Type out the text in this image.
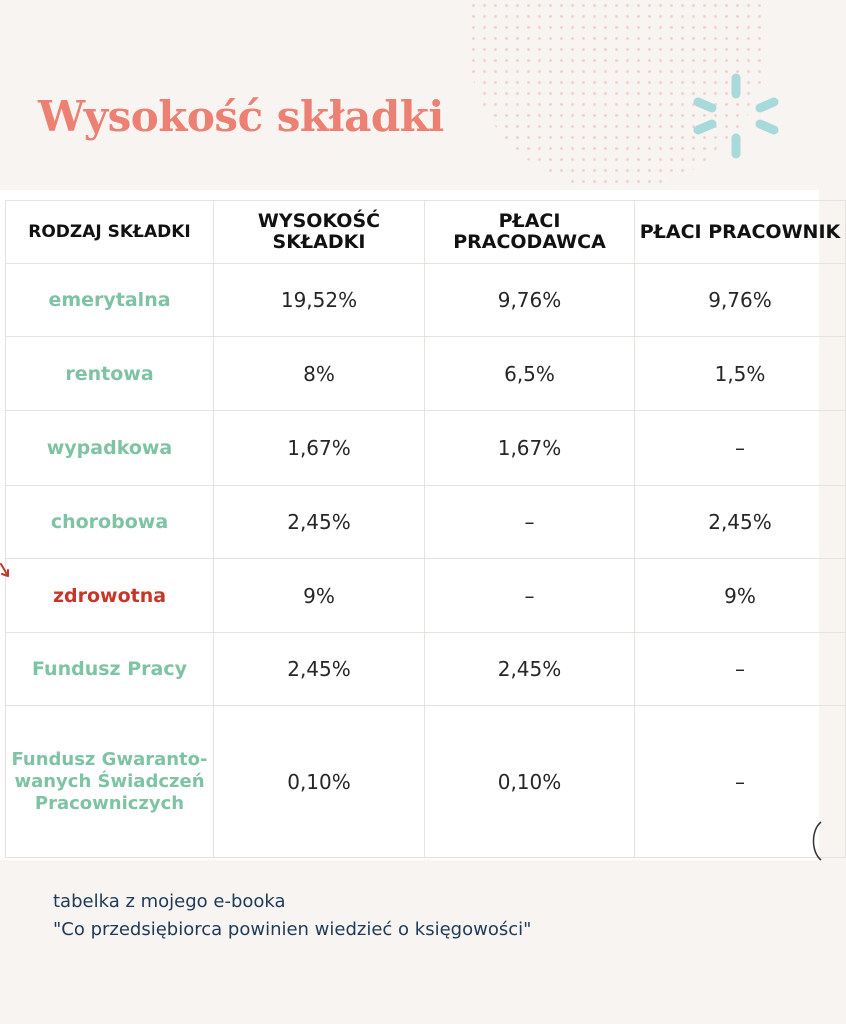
Wysokość składki
RODZAJ SKŁADKI	WYSOKOŚĆ SKŁADKI	PŁACI PRACODAWCA	PŁACI PRACOWNIK
emerytalna	19,52%	9,76%	9,76%
rentowa	8%	6,5%	1,5%
wypadkowa	1,67%	1,67%	–
chorobowa	2,45%	–	2,45%
zdrowotna	9%	–	9%
Fundusz Pracy	2,45%	2,45%	–
Fundusz Gwaranto-wanych Świadczeń Pracowniczych	0,10%	0,10%	–
tabelka z mojego e-booka
"Co przedsiębiorca powinien wiedzieć o księgowości"
